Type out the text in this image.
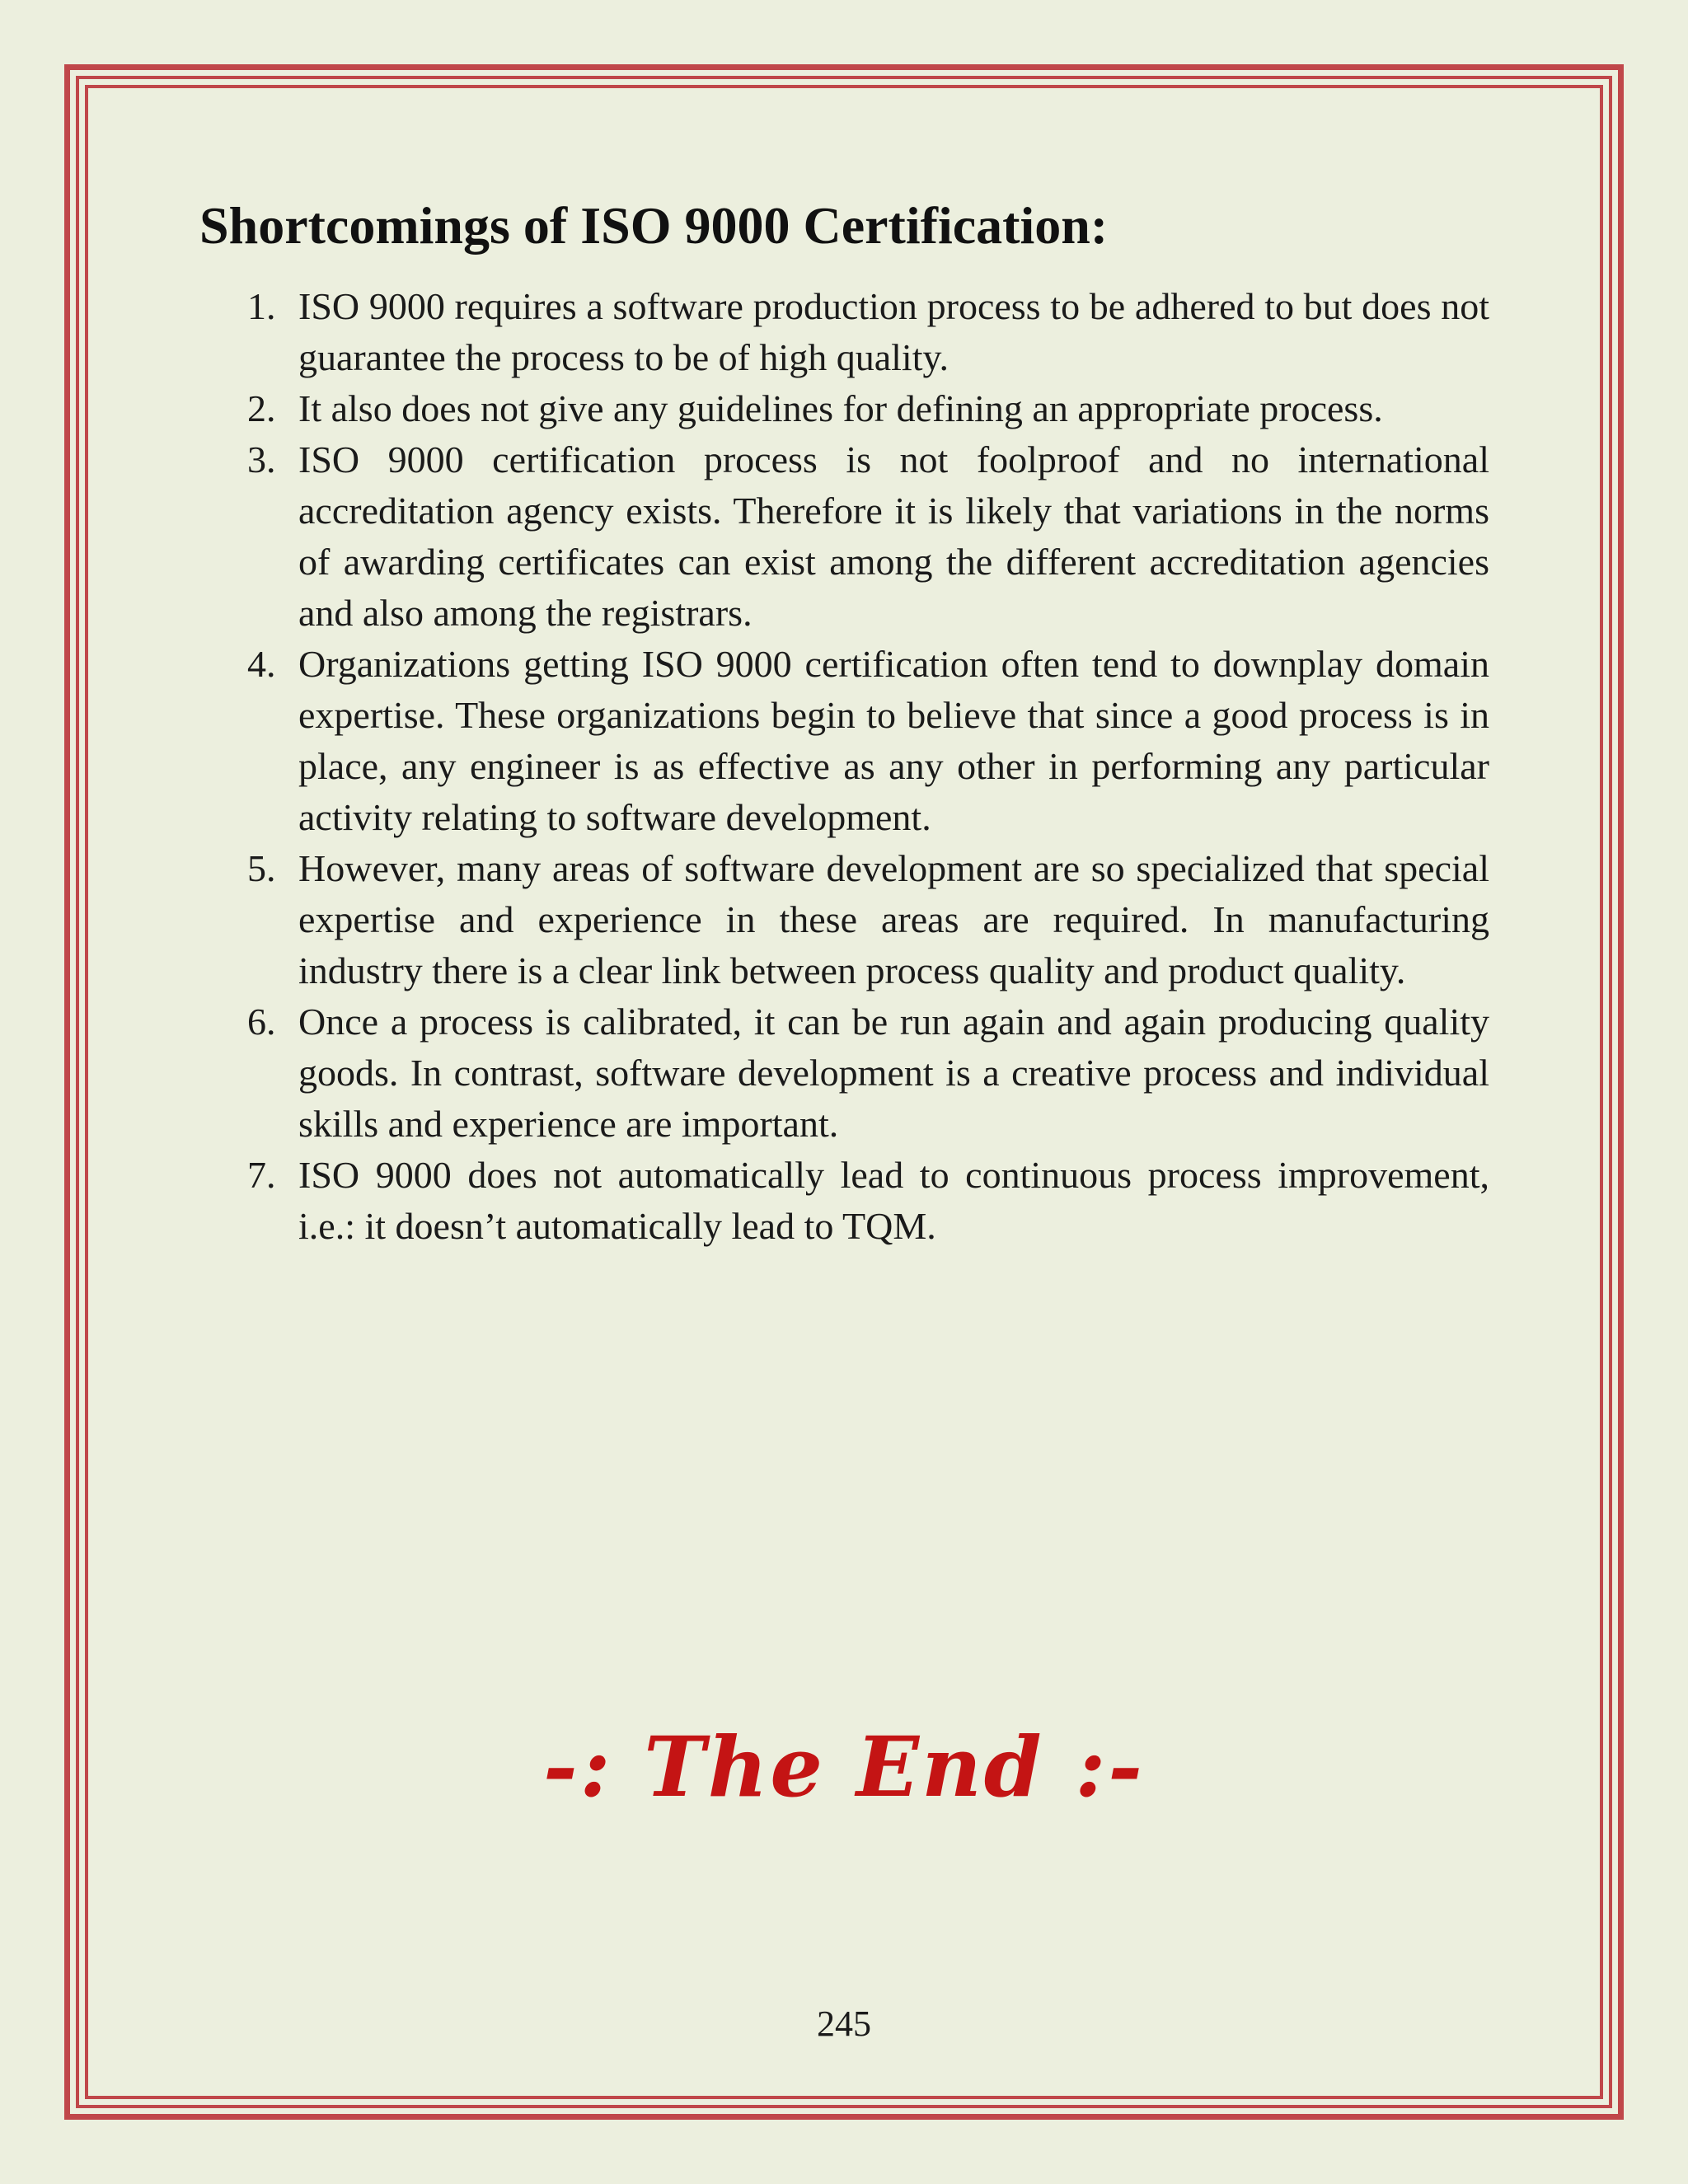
Shortcomings of ISO 9000 Certification:
1. ISO 9000 requires a software production process to be adhered to but does not guarantee the process to be of high quality.
2. It also does not give any guidelines for defining an appropriate process.
3. ISO 9000 certification process is not foolproof and no international accreditation agency exists. Therefore it is likely that variations in the norms of awarding certificates can exist among the different accreditation agencies and also among the registrars.
4. Organizations getting ISO 9000 certification often tend to downplay domain expertise. These organizations begin to believe that since a good process is in place, any engineer is as effective as any other in performing any particular activity relating to software development.
5. However, many areas of software development are so specialized that special expertise and experience in these areas are required. In manufacturing industry there is a clear link between process quality and product quality.
6. Once a process is calibrated, it can be run again and again producing quality goods. In contrast, software development is a creative process and individual skills and experience are important.
7. ISO 9000 does not automatically lead to continuous process improvement, i.e.: it doesn’t automatically lead to TQM.
-: The End :-
245
